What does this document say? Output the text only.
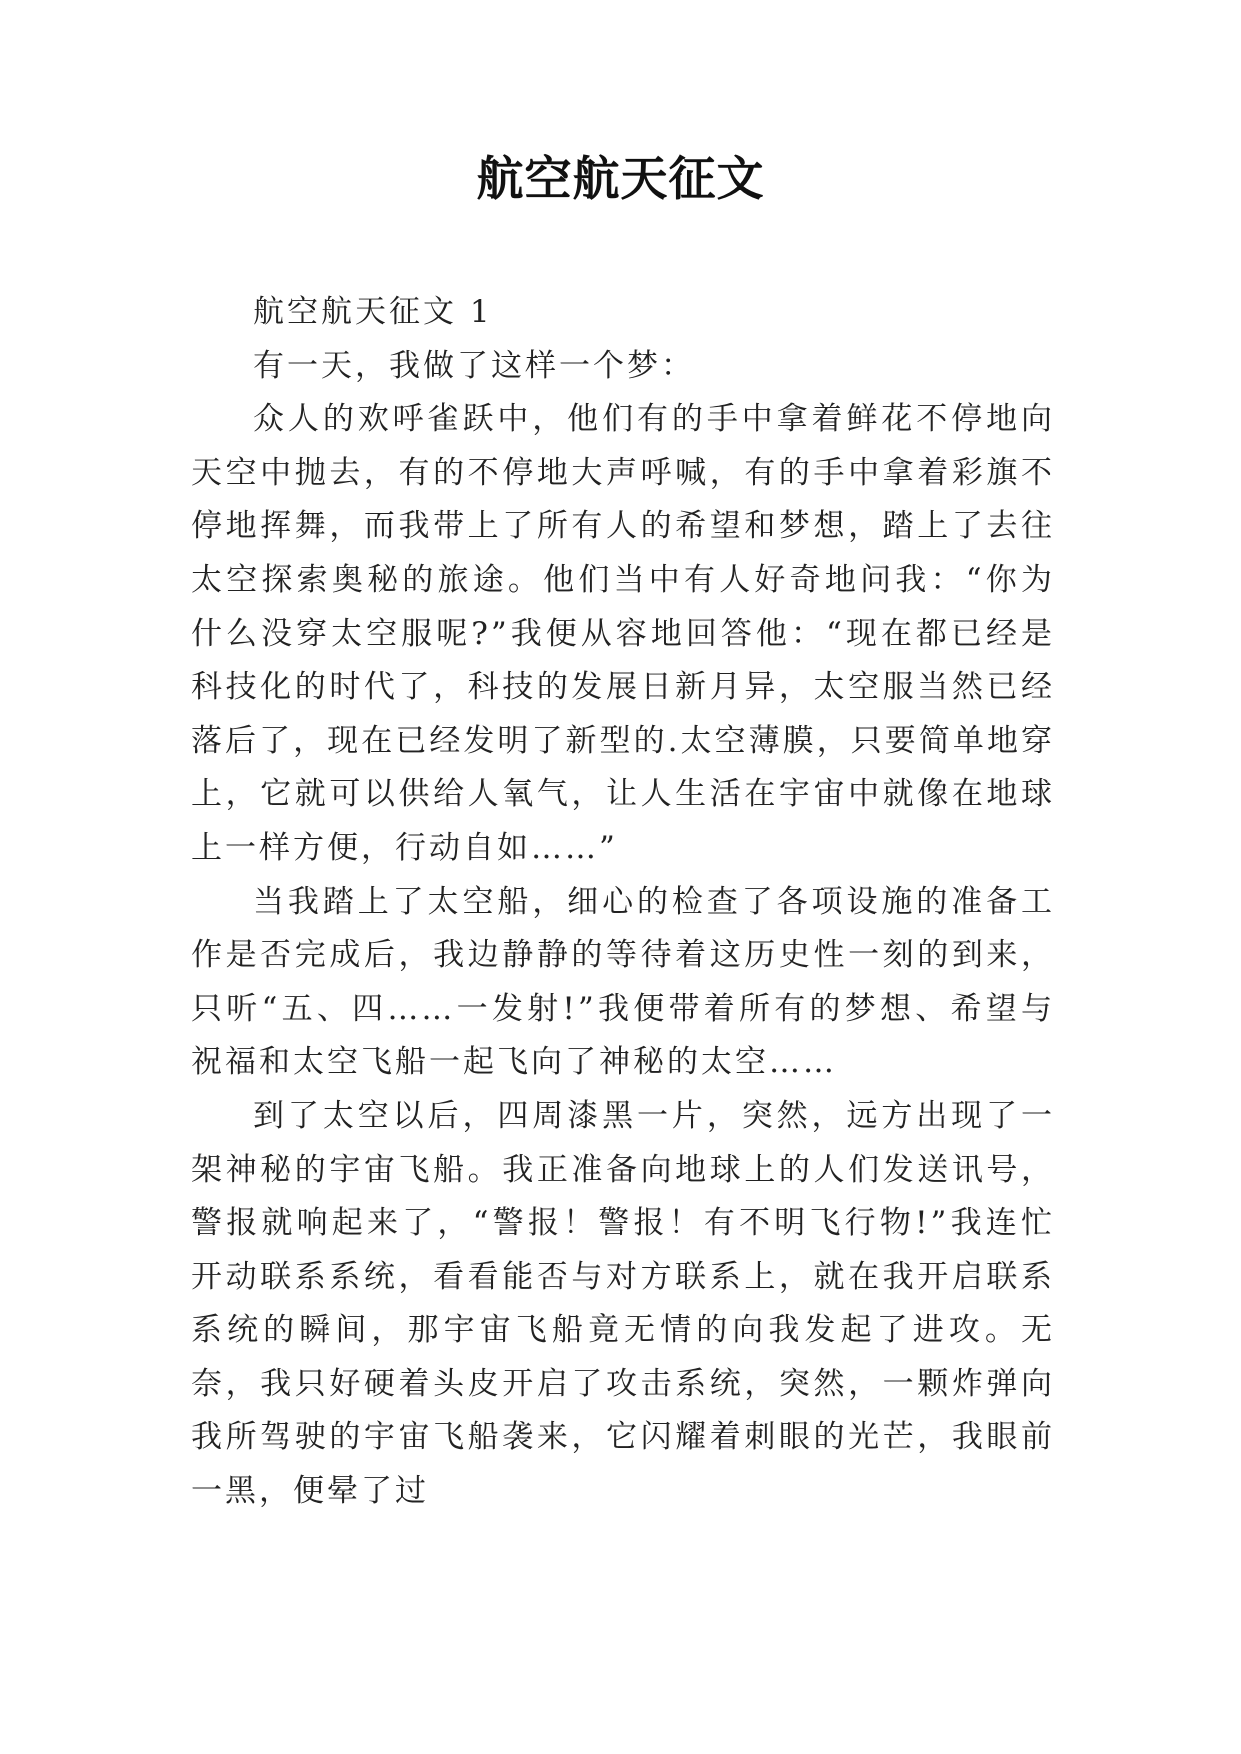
航空航天征文

航空航天征文 1

有一天，我做了这样一个梦：

众人的欢呼雀跃中，他们有的手中拿着鲜花不停地向天空中抛去，有的不停地大声呼喊，有的手中拿着彩旗不停地挥舞，而我带上了所有人的希望和梦想，踏上了去往太空探索奥秘的旅途。他们当中有人好奇地问我：“你为什么没穿太空服呢?”我便从容地回答他：“现在都已经是科技化的时代了，科技的发展日新月异，太空服当然已经落后了，现在已经发明了新型的.太空薄膜，只要简单地穿上，它就可以供给人氧气，让人生活在宇宙中就像在地球上一样方便，行动自如……”

当我踏上了太空船，细心的检查了各项设施的准备工作是否完成后，我边静静的等待着这历史性一刻的到来，只听“五、四……一发射!”我便带着所有的梦想、希望与祝福和太空飞船一起飞向了神秘的太空……

到了太空以后，四周漆黑一片，突然，远方出现了一架神秘的宇宙飞船。我正准备向地球上的人们发送讯号，警报就响起来了，“警报！警报！有不明飞行物!”我连忙开动联系系统，看看能否与对方联系上，就在我开启联系系统的瞬间，那宇宙飞船竟无情的向我发起了进攻。无奈，我只好硬着头皮开启了攻击系统，突然，一颗炸弹向我所驾驶的宇宙飞船袭来，它闪耀着刺眼的光芒，我眼前一黑，便晕了过
